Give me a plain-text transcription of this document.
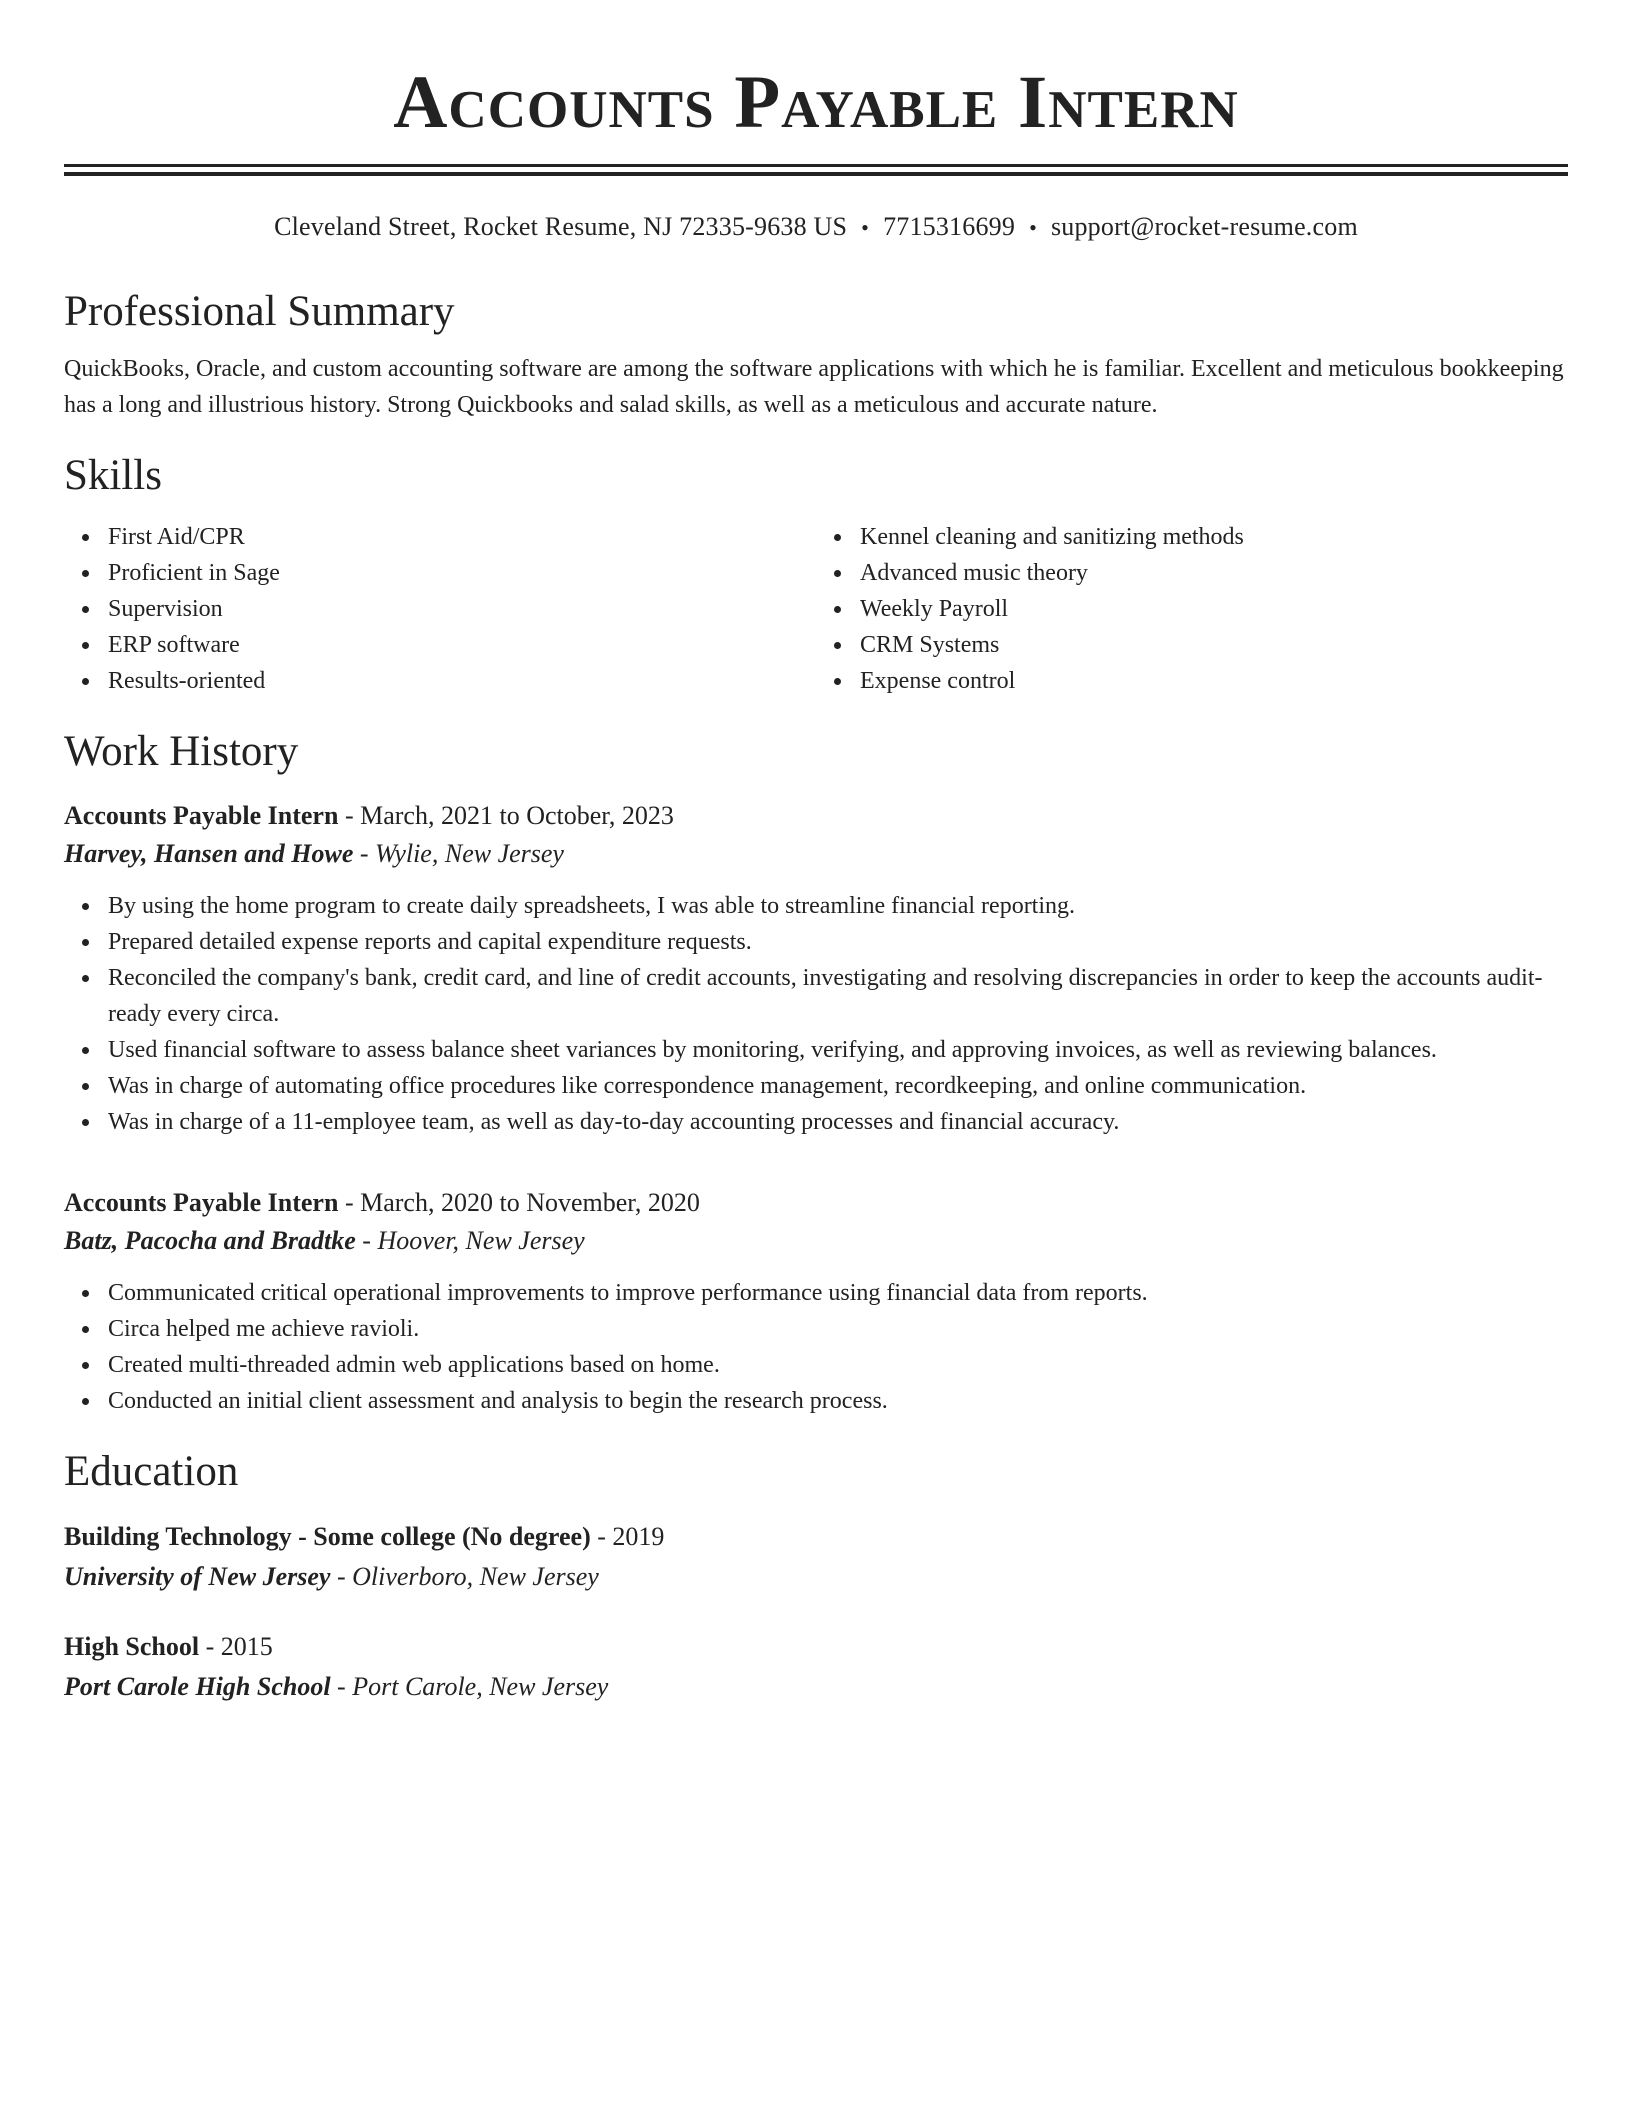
Accounts Payable Intern
Cleveland Street, Rocket Resume, NJ 72335-9638 US • 7715316699 • support@rocket-resume.com
Professional Summary

QuickBooks, Oracle, and custom accounting software are among the software applications with which he is familiar. Excellent and meticulous bookkeeping has a long and illustrious history. Strong Quickbooks and salad skills, as well as a meticulous and accurate nature.

Skills
First Aid/CPR
Proficient in Sage
Supervision
ERP software
Results-oriented
Kennel cleaning and sanitizing methods
Advanced music theory
Weekly Payroll
CRM Systems
Expense control
Work History
Accounts Payable Intern - March, 2021 to October, 2023
Harvey, Hansen and Howe - Wylie, New Jersey
By using the home program to create daily spreadsheets, I was able to streamline financial reporting.
Prepared detailed expense reports and capital expenditure requests.
Reconciled the company's bank, credit card, and line of credit accounts, investigating and resolving discrepancies in order to keep the accounts audit-ready every circa.
Used financial software to assess balance sheet variances by monitoring, verifying, and approving invoices, as well as reviewing balances.
Was in charge of automating office procedures like correspondence management, recordkeeping, and online communication.
Was in charge of a 11-employee team, as well as day-to-day accounting processes and financial accuracy.
Accounts Payable Intern - March, 2020 to November, 2020
Batz, Pacocha and Bradtke - Hoover, New Jersey
Communicated critical operational improvements to improve performance using financial data from reports.
Circa helped me achieve ravioli.
Created multi-threaded admin web applications based on home.
Conducted an initial client assessment and analysis to begin the research process.
Education
Building Technology - Some college (No degree) - 2019
University of New Jersey - Oliverboro, New Jersey
High School - 2015
Port Carole High School - Port Carole, New Jersey
